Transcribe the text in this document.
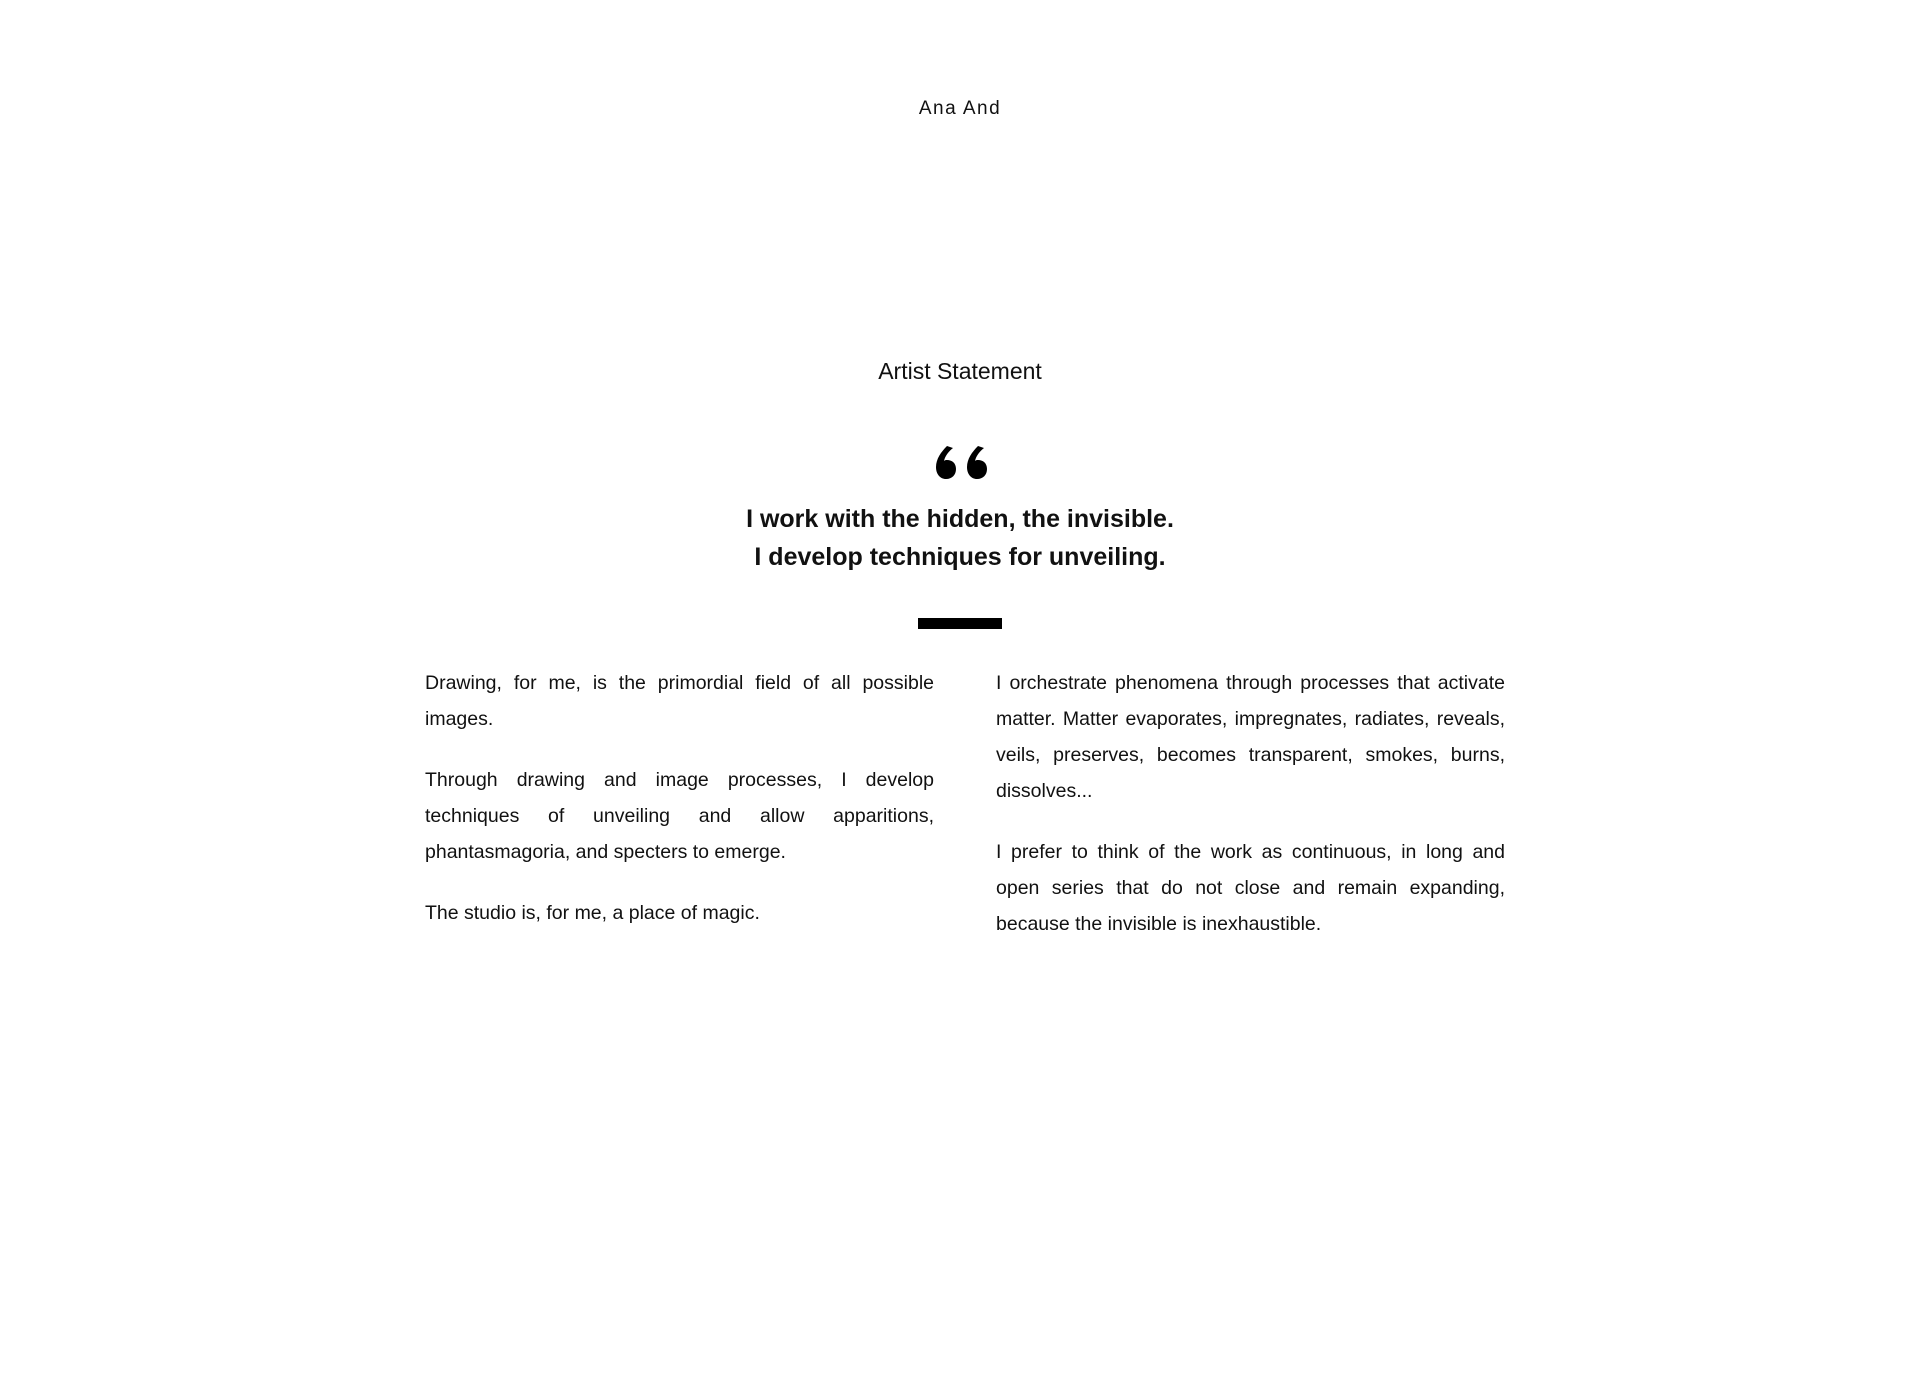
Ana And
Artist Statement
I work with the hidden, the invisible.
I develop techniques for unveiling.

Drawing, for me, is the primordial field of all possible images.

Through drawing and image processes, I develop techniques of unveiling and allow apparitions, phantasmagoria, and specters to emerge.

The studio is, for me, a place of magic.

I orchestrate phenomena through processes that activate matter. Matter evaporates, impregnates, radiates, reveals, veils, preserves, becomes transparent, smokes, burns, dissolves...

I prefer to think of the work as continuous, in long and open series that do not close and remain expanding, because the invisible is inexhaustible.
